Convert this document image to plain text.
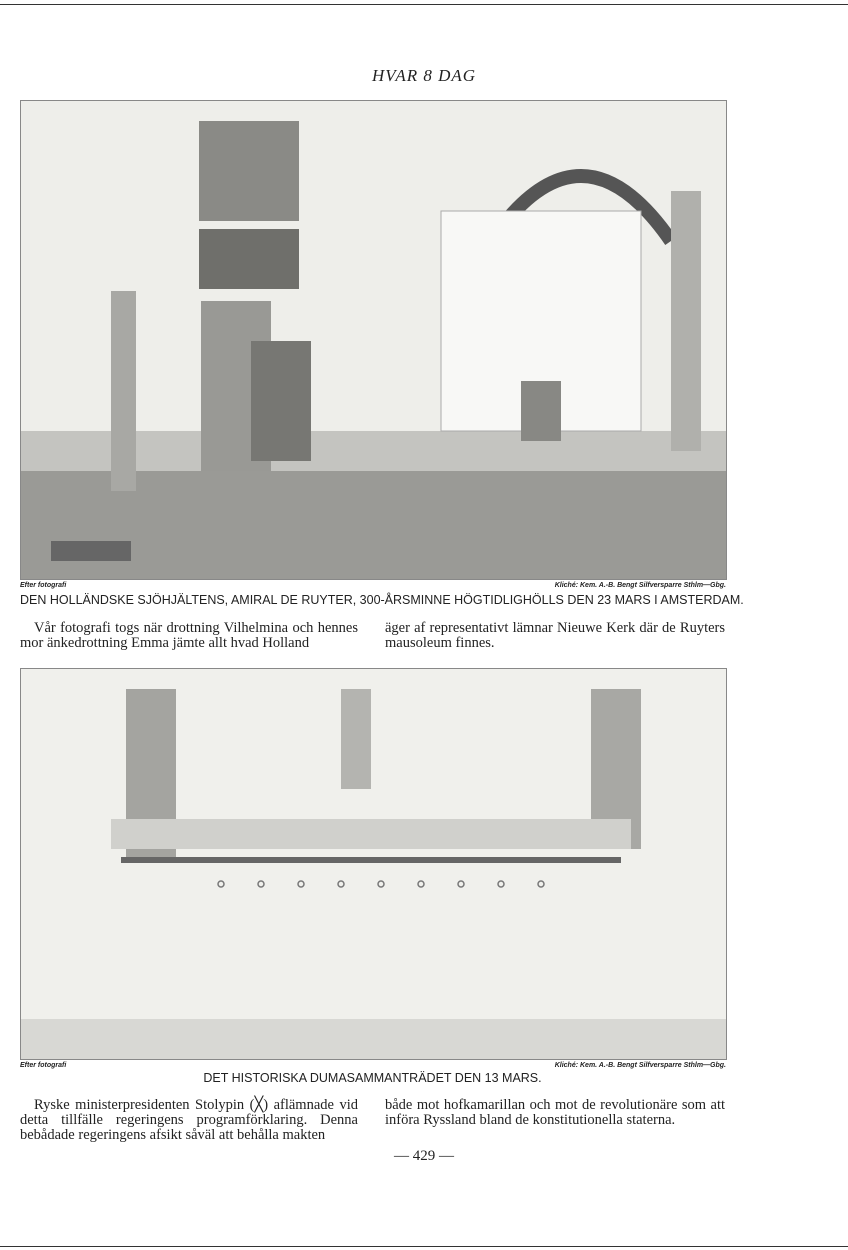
HVAR 8 DAG
Efter fotografi	Kliché: Kem. A.-B. Bengt Silfversparre Sthlm—Gbg.
DEN HOLLÄNDSKE SJÖHJÄLTENS, AMIRAL DE RUYTER, 300-ÅRSMINNE HÖGTIDLIGHÖLLS DEN 23 MARS I AMSTERDAM.

Vår fotografi togs när drottning Vilhelmina och hennes mor änkedrottning Emma jämte allt hvad Holland

äger af representativt lämnar Nieuwe Kerk där de Ruyters mausoleum finnes.

Efter fotografi	Kliché: Kem. A.-B. Bengt Silfversparre Sthlm—Gbg.
DET HISTORISKA DUMASAMMANTRÄDET DEN 13 MARS.

Ryske ministerpresidenten Stolypin (╳) aflämnade vid detta tillfälle regeringens programförklaring. Denna bebådade regeringens afsikt såväl att behålla makten

både mot hofkamarillan och mot de revolutionäre som att införa Ryssland bland de konstitutionella staterna.

— 429 —
